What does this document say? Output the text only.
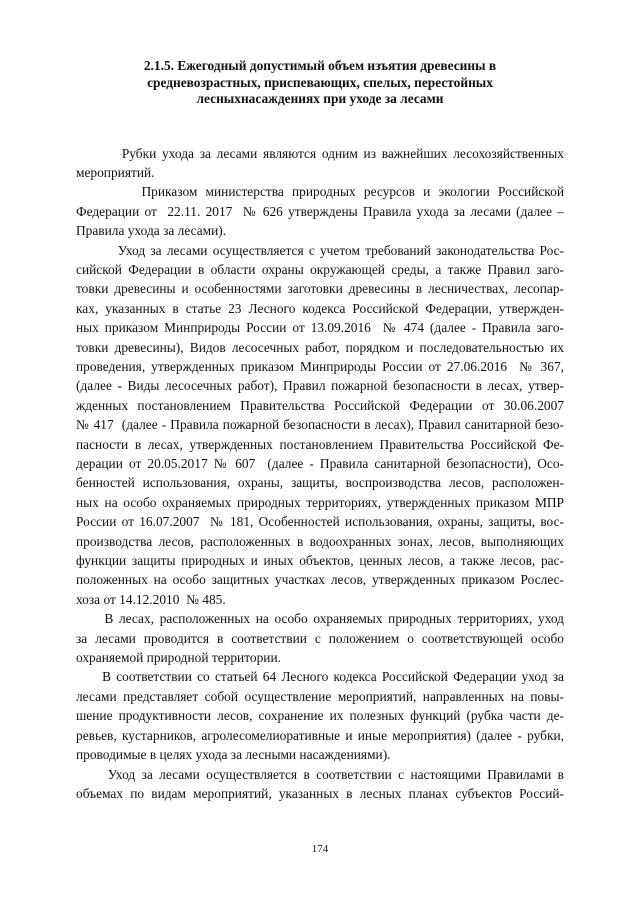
2.1.5. Ежегодный допустимый объем изъятия древесины в
средневозрастных, приспевающих, спелых, перестойных
лесныхнасаждениях при уходе за лесами

Рубки ухода за лесами являются одним из важнейших лесохозяйственных
мероприятий.

Приказом министерства природных ресурсов и экологии Российской
Федерации от  22.11. 2017  № 626 утверждены Правила ухода за лесами (далее –
Правила ухода за лесами).

Уход за лесами осуществляется с учетом требований законодательства Рос-
сийской Федерации в области охраны окружающей среды, а также Правил заго-
товки древесины и особенностями заготовки древесины в лесничествах, лесопар-
ках, указанных в статье 23 Лесного кодекса Российской Федерации, утвержден-
ных приказом Минприроды России от 13.09.2016  № 474 (далее - Правила заго-
товки древесины), Видов лесосечных работ, порядком и последовательностью их
проведения, утвержденных приказом Минприроды России от 27.06.2016  № 367,
(далее - Виды лесосечных работ), Правил пожарной безопасности в лесах, утвер-
жденных постановлением Правительства Российской Федерации от 30.06.2007
№ 417  (далее - Правила пожарной безопасности в лесах), Правил санитарной безо-
пасности в лесах, утвержденных постановлением Правительства Российской Фе-
дерации от 20.05.2017 № 607  (далее - Правила санитарной безопасности), Осо-
бенностей использования, охраны, защиты, воспроизводства лесов, расположен-
ных на особо охраняемых природных территориях, утвержденных приказом МПР
России от 16.07.2007  № 181, Особенностей использования, охраны, защиты, вос-
производства лесов, расположенных в водоохранных зонах, лесов, выполняющих
функции защиты природных и иных объектов, ценных лесов, а также лесов, рас-
положенных на особо защитных участках лесов, утвержденных приказом Рослес-
хоза от 14.12.2010  № 485.

В лесах, расположенных на особо охраняемых природных территориях, уход
за лесами проводится в соответствии с положением о соответствующей особо
охраняемой природной территории.

В соответствии со статьей 64 Лесного кодекса Российской Федерации уход за
лесами представляет собой осуществление мероприятий, направленных на повы-
шение продуктивности лесов, сохранение их полезных функций (рубка части де-
ревьев, кустарников, агролесомелиоративные и иные мероприятия) (далее - рубки,
проводимые в целях ухода за лесными насаждениями).

Уход за лесами осуществляется в соответствии с настоящими Правилами в
объемах по видам мероприятий, указанных в лесных планах субъектов Россий-

174
